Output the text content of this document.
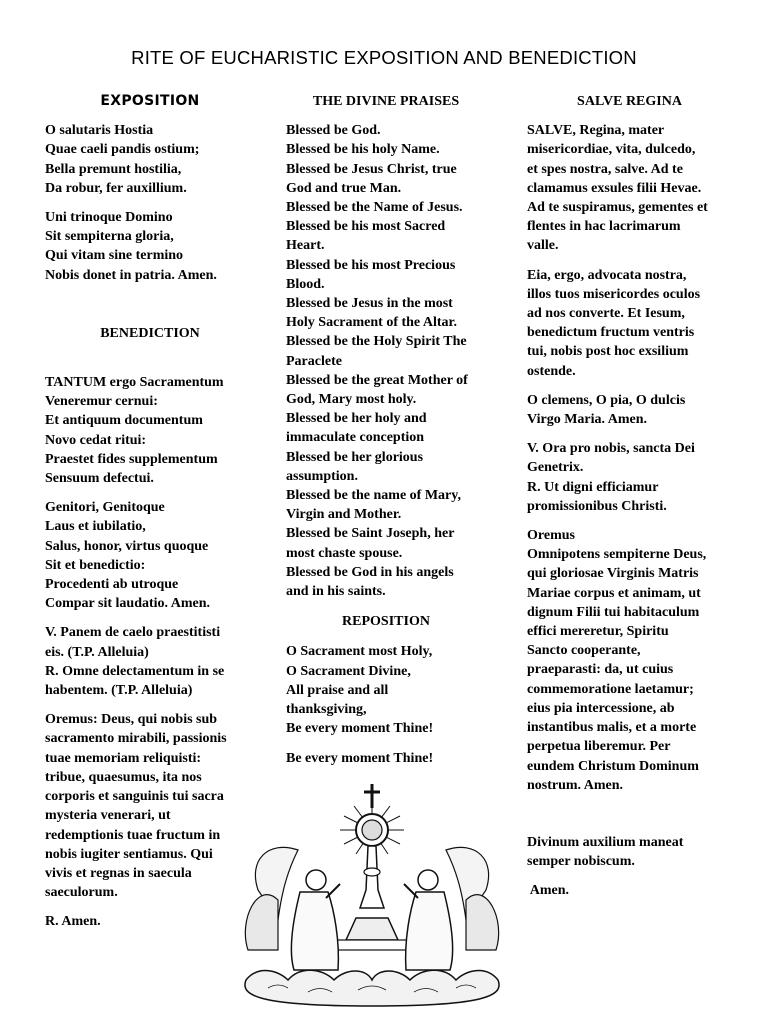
RITE OF EUCHARISTIC EXPOSITION AND BENEDICTION
EXPOSITION
O salutaris Hostia
Quae caeli pandis ostium;
Bella premunt hostilia,
Da robur, fer auxillium.
Uni trinoque Domino
Sit sempiterna gloria,
Qui vitam sine termino
Nobis donet in patria. Amen.
BENEDICTION
TANTUM ergo Sacramentum
Veneremur cernui:
Et antiquum documentum
Novo cedat ritui:
Praestet fides supplementum
Sensuum defectui.
Genitori, Genitoque
Laus et iubilatio,
Salus, honor, virtus quoque
Sit et benedictio:
Procedenti ab utroque
Compar sit laudatio. Amen.
V. Panem de caelo praestitisti
eis. (T.P. Alleluia)
R. Omne delectamentum in se
habentem. (T.P. Alleluia)
Oremus: Deus, qui nobis sub
sacramento mirabili, passionis
tuae memoriam reliquisti:
tribue, quaesumus, ita nos
corporis et sanguinis tui sacra
mysteria venerari, ut
redemptionis tuae fructum in
nobis iugiter sentiamus. Qui
vivis et regnas in saecula
saeculorum.
R. Amen.
THE DIVINE PRAISES
Blessed be God.
Blessed be his holy Name.
Blessed be Jesus Christ, true
God and true Man.
Blessed be the Name of Jesus.
Blessed be his most Sacred
Heart.
Blessed be his most Precious
Blood.
Blessed be Jesus in the most
Holy Sacrament of the Altar.
Blessed be the Holy Spirit The
Paraclete
Blessed be the great Mother of
God, Mary most holy.
Blessed be her holy and
immaculate conception
Blessed be her glorious
assumption.
Blessed be the name of Mary,
Virgin and Mother.
Blessed be Saint Joseph, her
most chaste spouse.
Blessed be God in his angels
and in his saints.
REPOSITION
O Sacrament most Holy,
O Sacrament Divine,
All praise and all
thanksgiving,
Be every moment Thine!
Be every moment Thine!
SALVE REGINA
SALVE, Regina, mater
misericordiae, vita, dulcedo,
et spes nostra, salve. Ad te
clamamus exsules filii Hevae.
Ad te suspiramus, gementes et
flentes in hac lacrimarum
valle.
Eia, ergo, advocata nostra,
illos tuos misericordes oculos
ad nos converte. Et Iesum,
benedictum fructum ventris
tui, nobis post hoc exsilium
ostende.
O clemens, O pia, O dulcis
Virgo Maria. Amen.
V. Ora pro nobis, sancta Dei
Genetrix.
R. Ut digni efficiamur
promissionibus Christi.
Oremus
Omnipotens sempiterne Deus,
qui gloriosae Virginis Matris
Mariae corpus et animam, ut
dignum Filii tui habitaculum
effici mereretur, Spiritu
Sancto cooperante,
praeparasti: da, ut cuius
commemoratione laetamur;
eius pia intercessione, ab
instantibus malis, et a morte
perpetua liberemur. Per
eundem Christum Dominum
nostrum. Amen.
Divinum auxilium maneat
semper nobiscum.
Amen.
